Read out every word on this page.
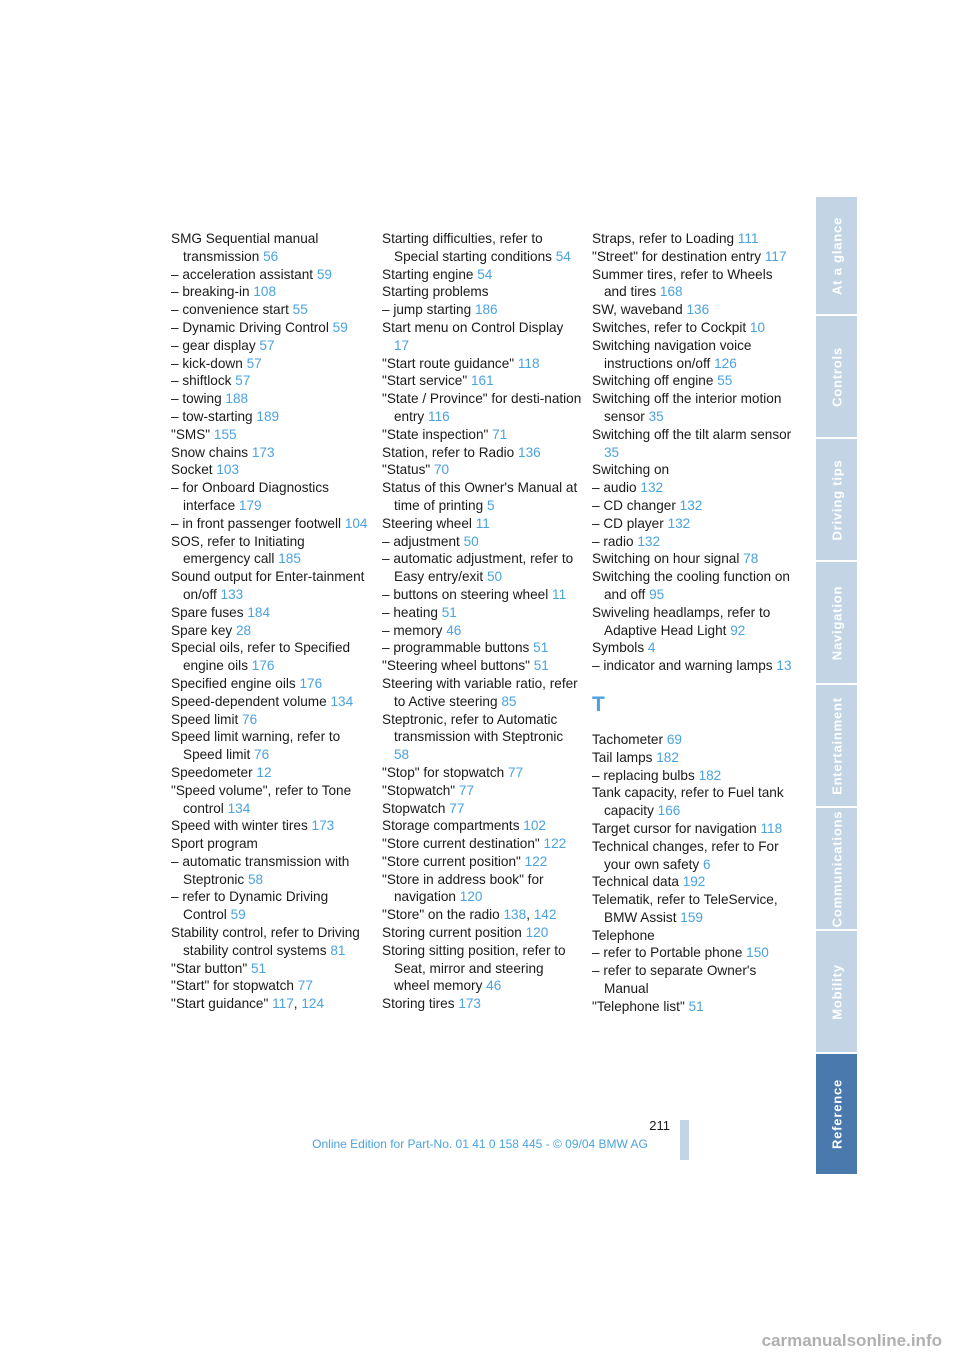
SMG Sequential manual transmission 56
– acceleration assistant 59
– breaking-in 108
– convenience start 55
– Dynamic Driving Control 59
– gear display 57
– kick-down 57
– shiftlock 57
– towing 188
– tow-starting 189
"SMS" 155
Snow chains 173
Socket 103
– for Onboard Diagnostics interface 179
– in front passenger footwell 104
SOS, refer to Initiating emergency call 185
Sound output for Enter-tainment on/off 133
Spare fuses 184
Spare key 28
Special oils, refer to Specified engine oils 176
Specified engine oils 176
Speed-dependent volume 134
Speed limit 76
Speed limit warning, refer to Speed limit 76
Speedometer 12
"Speed volume", refer to Tone control 134
Speed with winter tires 173
Sport program
– automatic transmission with Steptronic 58
– refer to Dynamic Driving Control 59
Stability control, refer to Driving stability control systems 81
"Star button" 51
"Start" for stopwatch 77
"Start guidance" 117, 124
Starting difficulties, refer to Special starting conditions 54
Starting engine 54
Starting problems
– jump starting 186
Start menu on Control Display 17
"Start route guidance" 118
"Start service" 161
"State / Province" for desti-nation entry 116
"State inspection" 71
Station, refer to Radio 136
"Status" 70
Status of this Owner's Manual at time of printing 5
Steering wheel 11
– adjustment 50
– automatic adjustment, refer to Easy entry/exit 50
– buttons on steering wheel 11
– heating 51
– memory 46
– programmable buttons 51
"Steering wheel buttons" 51
Steering with variable ratio, refer to Active steering 85
Steptronic, refer to Automatic transmission with Steptronic 58
"Stop" for stopwatch 77
"Stopwatch" 77
Stopwatch 77
Storage compartments 102
"Store current destination" 122
"Store current position" 122
"Store in address book" for navigation 120
"Store" on the radio 138, 142
Storing current position 120
Storing sitting position, refer to Seat, mirror and steering wheel memory 46
Storing tires 173
Straps, refer to Loading 111
"Street" for destination entry 117
Summer tires, refer to Wheels and tires 168
SW, waveband 136
Switches, refer to Cockpit 10
Switching navigation voice instructions on/off 126
Switching off engine 55
Switching off the interior motion sensor 35
Switching off the tilt alarm sensor 35
Switching on
– audio 132
– CD changer 132
– CD player 132
– radio 132
Switching on hour signal 78
Switching the cooling function on and off 95
Swiveling headlamps, refer to Adaptive Head Light 92
Symbols 4
– indicator and warning lamps 13
T
Tachometer 69
Tail lamps 182
– replacing bulbs 182
Tank capacity, refer to Fuel tank capacity 166
Target cursor for navigation 118
Technical changes, refer to For your own safety 6
Technical data 192
Telematik, refer to TeleService, BMW Assist 159
Telephone
– refer to Portable phone 150
– refer to separate Owner's Manual
"Telephone list" 51
At a glance
Controls
Driving tips
Navigation
Entertainment
Communications
Mobility
Reference
211
Online Edition for Part-No. 01 41 0 158 445 - © 09/04 BMW AG
carmanualsonline.info
